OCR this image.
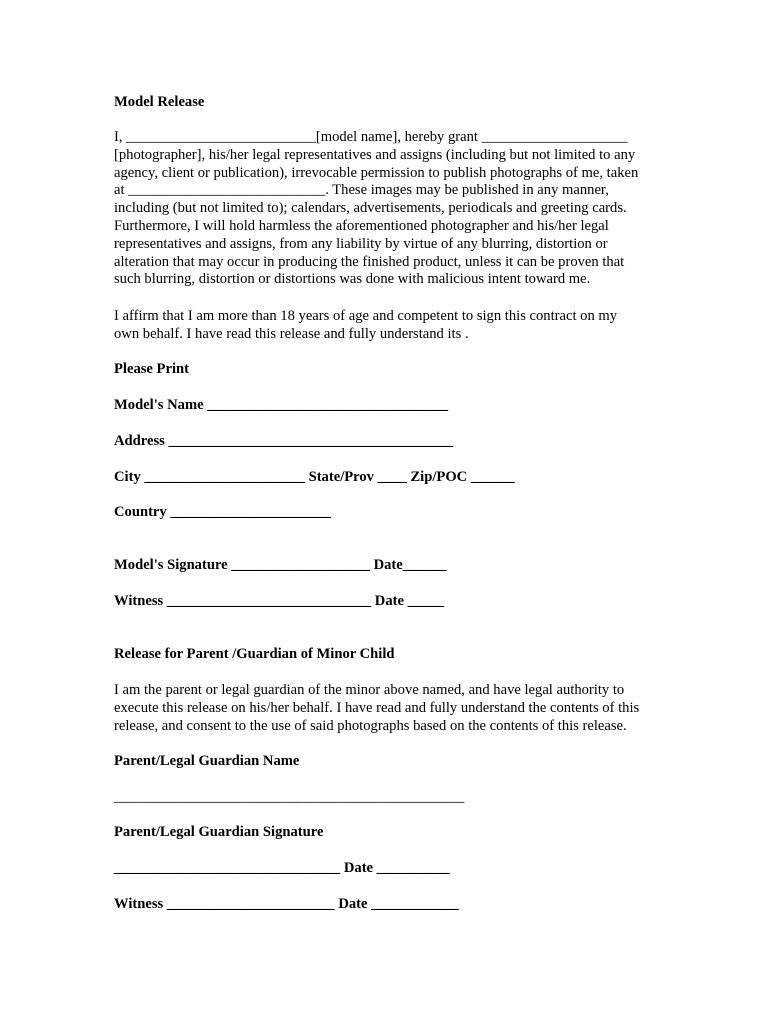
Model Release
I, __________________________[model name], hereby grant ____________________
[photographer], his/her legal representatives and assigns (including but not limited to any
agency, client or publication), irrevocable permission to publish photographs of me, taken
at ___________________________. These images may be published in any manner,
including (but not limited to); calendars, advertisements, periodicals and greeting cards.
Furthermore, I will hold harmless the aforementioned photographer and his/her legal
representatives and assigns, from any liability by virtue of any blurring, distortion or
alteration that may occur in producing the finished product, unless it can be proven that
such blurring, distortion or distortions was done with malicious intent toward me.
I affirm that I am more than 18 years of age and competent to sign this contract on my
own behalf. I have read this release and fully understand its .
Please Print
Model's Name _________________________________
Address _______________________________________
City ______________________ State/Prov ____ Zip/POC ______
Country ______________________
Model's Signature ___________________ Date______
Witness ____________________________ Date _____
Release for Parent /Guardian of Minor Child
I am the parent or legal guardian of the minor above named, and have legal authority to
execute this release on his/her behalf. I have read and fully understand the contents of this
release, and consent to the use of said photographs based on the contents of this release.
Parent/Legal Guardian Name
________________________________________________
Parent/Legal Guardian Signature
_______________________________ Date __________
Witness _______________________ Date ____________
